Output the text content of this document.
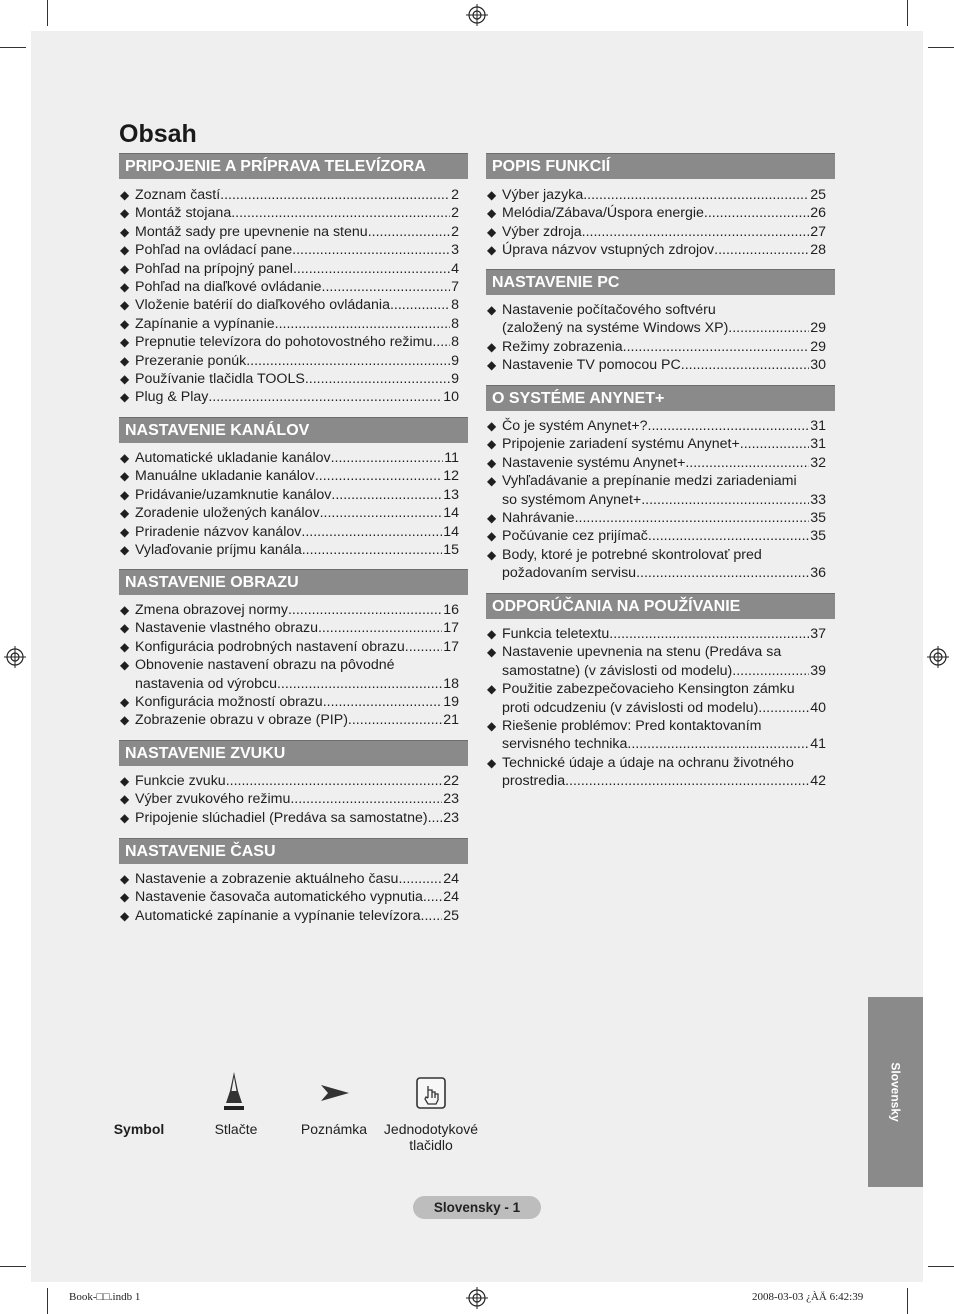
Obsah
PRIPOJENIE A PRÍPRAVA TELEVÍZORA
◆ Zoznam častí .....	2
◆ Montáž stojana .....	2
◆ Montáž sady pre upevnenie na stenu .....	2
◆ Pohľad na ovládací pane .....	3
◆ Pohľad na prípojný panel .....	4
◆ Pohľad na diaľkové ovládanie .....	7
◆ Vloženie batérií do diaľkového ovládania .....	8
◆ Zapínanie a vypínanie .....	8
◆ Prepnutie televízora do pohotovostného režimu ..... 8
◆ Prezeranie ponúk .....	9
◆ Používanie tlačidla TOOLS .....	9
◆ Plug & Play .....	10
NASTAVENIE KANÁLOV
◆ Automatické ukladanie kanálov .....	11
◆ Manuálne ukladanie kanálov .....	12
◆ Pridávanie/uzamknutie kanálov .....	13
◆ Zoradenie uložených kanálov .....	14
◆ Priradenie názvov kanálov .....	14
◆ Vylaďovanie príjmu kanála .....	15
NASTAVENIE OBRAZU
◆ Zmena obrazovej normy .....	16
◆ Nastavenie vlastného obrazu .....	17
◆ Konfigurácia podrobných nastavení obrazu .....	17
◆ Obnovenie nastavení obrazu na pôvodné
nastavenia od výrobcu .....	18
◆ Konfigurácia možností obrazu .....	19
◆ Zobrazenie obrazu v obraze (PIP) .....	21
NASTAVENIE ZVUKU
◆ Funkcie zvuku .....	22
◆ Výber zvukového režimu .....	23
◆ Pripojenie slúchadiel (Predáva sa samostatne) ..... 23
NASTAVENIE ČASU
◆ Nastavenie a zobrazenie aktuálneho času .....	24
◆ Nastavenie časovača automatického vypnutia ..... 24
◆ Automatické zapínanie a vypínanie televízora ..... 25
POPIS FUNKCIÍ
◆ Výber jazyka .....	25
◆ Melódia/Zábava/Úspora energie .....	26
◆ Výber zdroja .....	27
◆ Úprava názvov vstupných zdrojov .....	28
NASTAVENIE PC
◆ Nastavenie počítačového softvéru
(založený na systéme Windows XP) .....	29
◆ Režimy zobrazenia .....	29
◆ Nastavenie TV pomocou PC .....	30
O SYSTÉME ANYNET+
◆ Čo je systém Anynet+? .....	31
◆ Pripojenie zariadení systému Anynet+ .....	31
◆ Nastavenie systému Anynet+ .....	32
◆ Vyhľadávanie a prepínanie medzi zariadeniami
so systémom Anynet+ .....	33
◆ Nahrávanie .....	35
◆ Počúvanie cez prijímač .....	35
◆ Body, ktoré je potrebné skontrolovať pred
požadovaním servisu .....	36
ODPORÚČANIA NA POUŽÍVANIE
◆ Funkcia teletextu .....	37
◆ Nastavenie upevnenia na stenu (Predáva sa
samostatne) (v závislosti od modelu) .....	39
◆ Použitie zabezpečovacieho Kensington zámku
proti odcudzeniu (v závislosti od modelu) .....	40
◆ Riešenie problémov: Pred kontaktovaním
servisného technika .....	41
◆ Technické údaje a údaje na ochranu životného
prostredia .....	42
Symbol	Stlačte	Poznámka Jednodotykové
tlačidlo
Slovensky
Slovensky - 1
Book-□□.indb 1	2008-03-03 ¿ÀÄ 6:42:39
